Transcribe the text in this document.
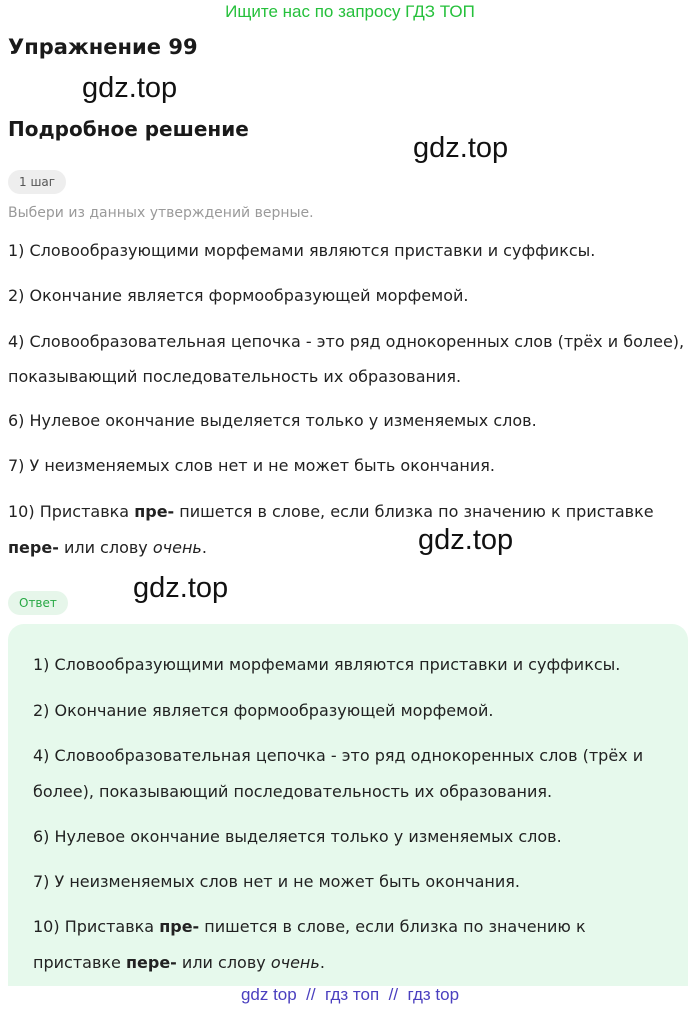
Ищите нас по запросу ГДЗ ТОП
Упражнение 99
gdz.top
Подробное решение
gdz.top
1 шаг
Выбери из данных утверждений верные.
1) Словообразующими морфемами являются приставки и суффиксы.
2) Окончание является формообразующей морфемой.
4) Словообразовательная цепочка - это ряд однокоренных слов (трёх и более),
показывающий последовательность их образования.
6) Нулевое окончание выделяется только у изменяемых слов.
7) У неизменяемых слов нет и не может быть окончания.
10) Приставка пре- пишется в слове, если близка по значению к приставке
пере- или слову очень.	gdz.top
Ответ	gdz.top
1) Словообразующими морфемами являются приставки и суффиксы.
2) Окончание является формообразующей морфемой.
4) Словообразовательная цепочка - это ряд однокоренных слов (трёх и
более), показывающий последовательность их образования.
6) Нулевое окончание выделяется только у изменяемых слов.
7) У неизменяемых слов нет и не может быть окончания.
10) Приставка пре- пишется в слове, если близка по значению к
приставке пере- или слову очень.
gdz top  //  гдз топ  //  гдз top
